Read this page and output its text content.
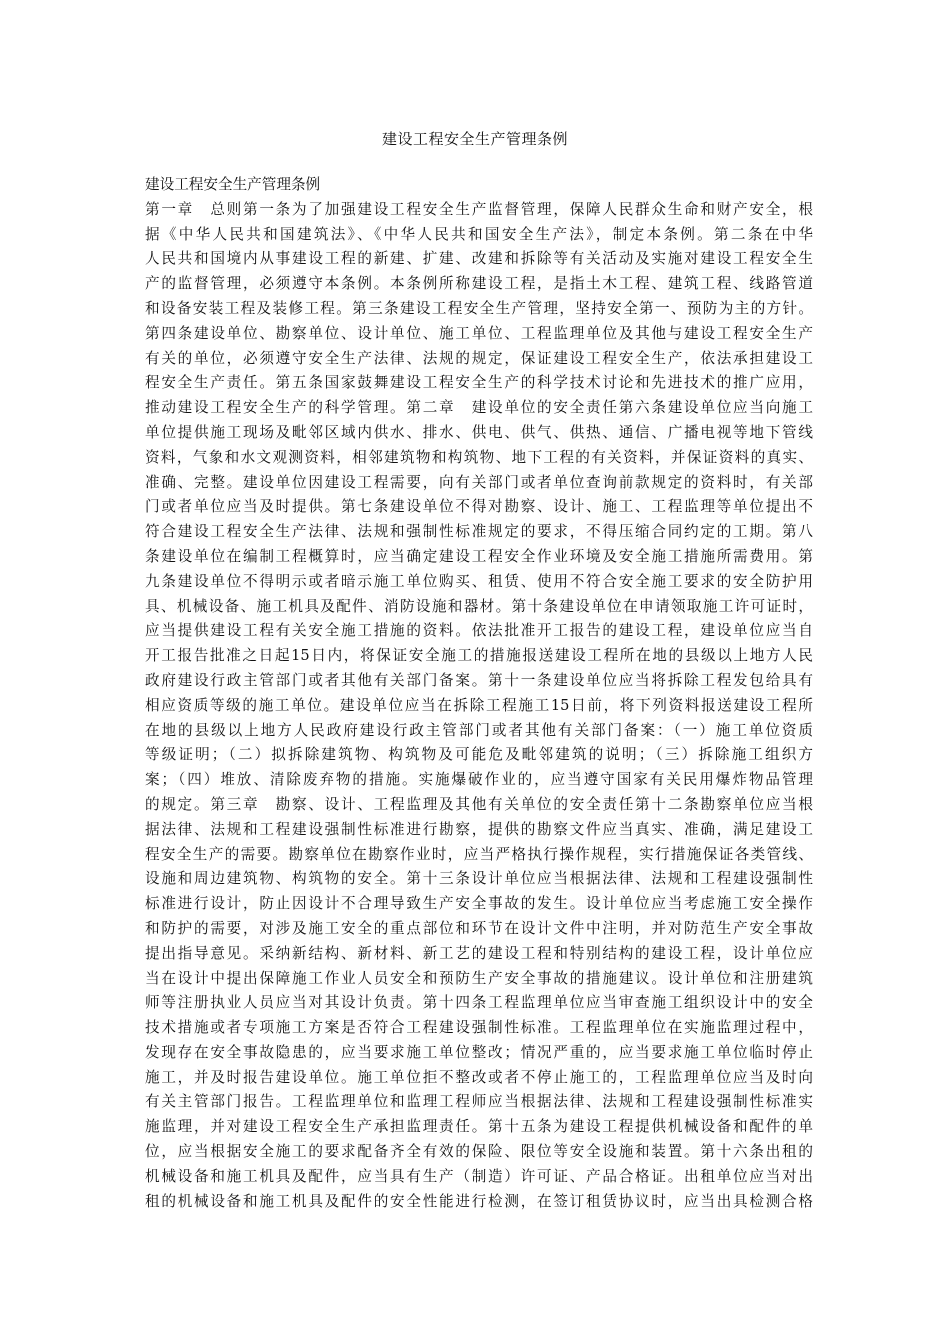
建设工程安全生产管理条例
建设工程安全生产管理条例
第一章　总则第一条为了加强建设工程安全生产监督管理，保障人民群众生命和财产安全，根
据《中华人民共和国建筑法》、《中华人民共和国安全生产法》，制定本条例。第二条在中华
人民共和国境内从事建设工程的新建、扩建、改建和拆除等有关活动及实施对建设工程安全生
产的监督管理，必须遵守本条例。本条例所称建设工程，是指土木工程、建筑工程、线路管道
和设备安装工程及装修工程。第三条建设工程安全生产管理，坚持安全第一、预防为主的方针。
第四条建设单位、勘察单位、设计单位、施工单位、工程监理单位及其他与建设工程安全生产
有关的单位，必须遵守安全生产法律、法规的规定，保证建设工程安全生产，依法承担建设工
程安全生产责任。第五条国家鼓舞建设工程安全生产的科学技术讨论和先进技术的推广应用，
推动建设工程安全生产的科学管理。第二章　建设单位的安全责任第六条建设单位应当向施工
单位提供施工现场及毗邻区域内供水、排水、供电、供气、供热、通信、广播电视等地下管线
资料，气象和水文观测资料，相邻建筑物和构筑物、地下工程的有关资料，并保证资料的真实、
准确、完整。建设单位因建设工程需要，向有关部门或者单位查询前款规定的资料时，有关部
门或者单位应当及时提供。第七条建设单位不得对勘察、设计、施工、工程监理等单位提出不
符合建设工程安全生产法律、法规和强制性标准规定的要求，不得压缩合同约定的工期。第八
条建设单位在编制工程概算时，应当确定建设工程安全作业环境及安全施工措施所需费用。第
九条建设单位不得明示或者暗示施工单位购买、租赁、使用不符合安全施工要求的安全防护用
具、机械设备、施工机具及配件、消防设施和器材。第十条建设单位在申请领取施工许可证时，
应当提供建设工程有关安全施工措施的资料。依法批准开工报告的建设工程，建设单位应当自
开工报告批准之日起15日内，将保证安全施工的措施报送建设工程所在地的县级以上地方人民
政府建设行政主管部门或者其他有关部门备案。第十一条建设单位应当将拆除工程发包给具有
相应资质等级的施工单位。建设单位应当在拆除工程施工15日前，将下列资料报送建设工程所
在地的县级以上地方人民政府建设行政主管部门或者其他有关部门备案：（一）施工单位资质
等级证明；（二）拟拆除建筑物、构筑物及可能危及毗邻建筑的说明；（三）拆除施工组织方
案；（四）堆放、清除废弃物的措施。实施爆破作业的，应当遵守国家有关民用爆炸物品管理
的规定。第三章　勘察、设计、工程监理及其他有关单位的安全责任第十二条勘察单位应当根
据法律、法规和工程建设强制性标准进行勘察，提供的勘察文件应当真实、准确，满足建设工
程安全生产的需要。勘察单位在勘察作业时，应当严格执行操作规程，实行措施保证各类管线、
设施和周边建筑物、构筑物的安全。第十三条设计单位应当根据法律、法规和工程建设强制性
标准进行设计，防止因设计不合理导致生产安全事故的发生。设计单位应当考虑施工安全操作
和防护的需要，对涉及施工安全的重点部位和环节在设计文件中注明，并对防范生产安全事故
提出指导意见。采纳新结构、新材料、新工艺的建设工程和特别结构的建设工程，设计单位应
当在设计中提出保障施工作业人员安全和预防生产安全事故的措施建议。设计单位和注册建筑
师等注册执业人员应当对其设计负责。第十四条工程监理单位应当审查施工组织设计中的安全
技术措施或者专项施工方案是否符合工程建设强制性标准。工程监理单位在实施监理过程中，
发现存在安全事故隐患的，应当要求施工单位整改；情况严重的，应当要求施工单位临时停止
施工，并及时报告建设单位。施工单位拒不整改或者不停止施工的，工程监理单位应当及时向
有关主管部门报告。工程监理单位和监理工程师应当根据法律、法规和工程建设强制性标准实
施监理，并对建设工程安全生产承担监理责任。第十五条为建设工程提供机械设备和配件的单
位，应当根据安全施工的要求配备齐全有效的保险、限位等安全设施和装置。第十六条出租的
机械设备和施工机具及配件，应当具有生产（制造）许可证、产品合格证。出租单位应当对出
租的机械设备和施工机具及配件的安全性能进行检测，在签订租赁协议时，应当出具检测合格
